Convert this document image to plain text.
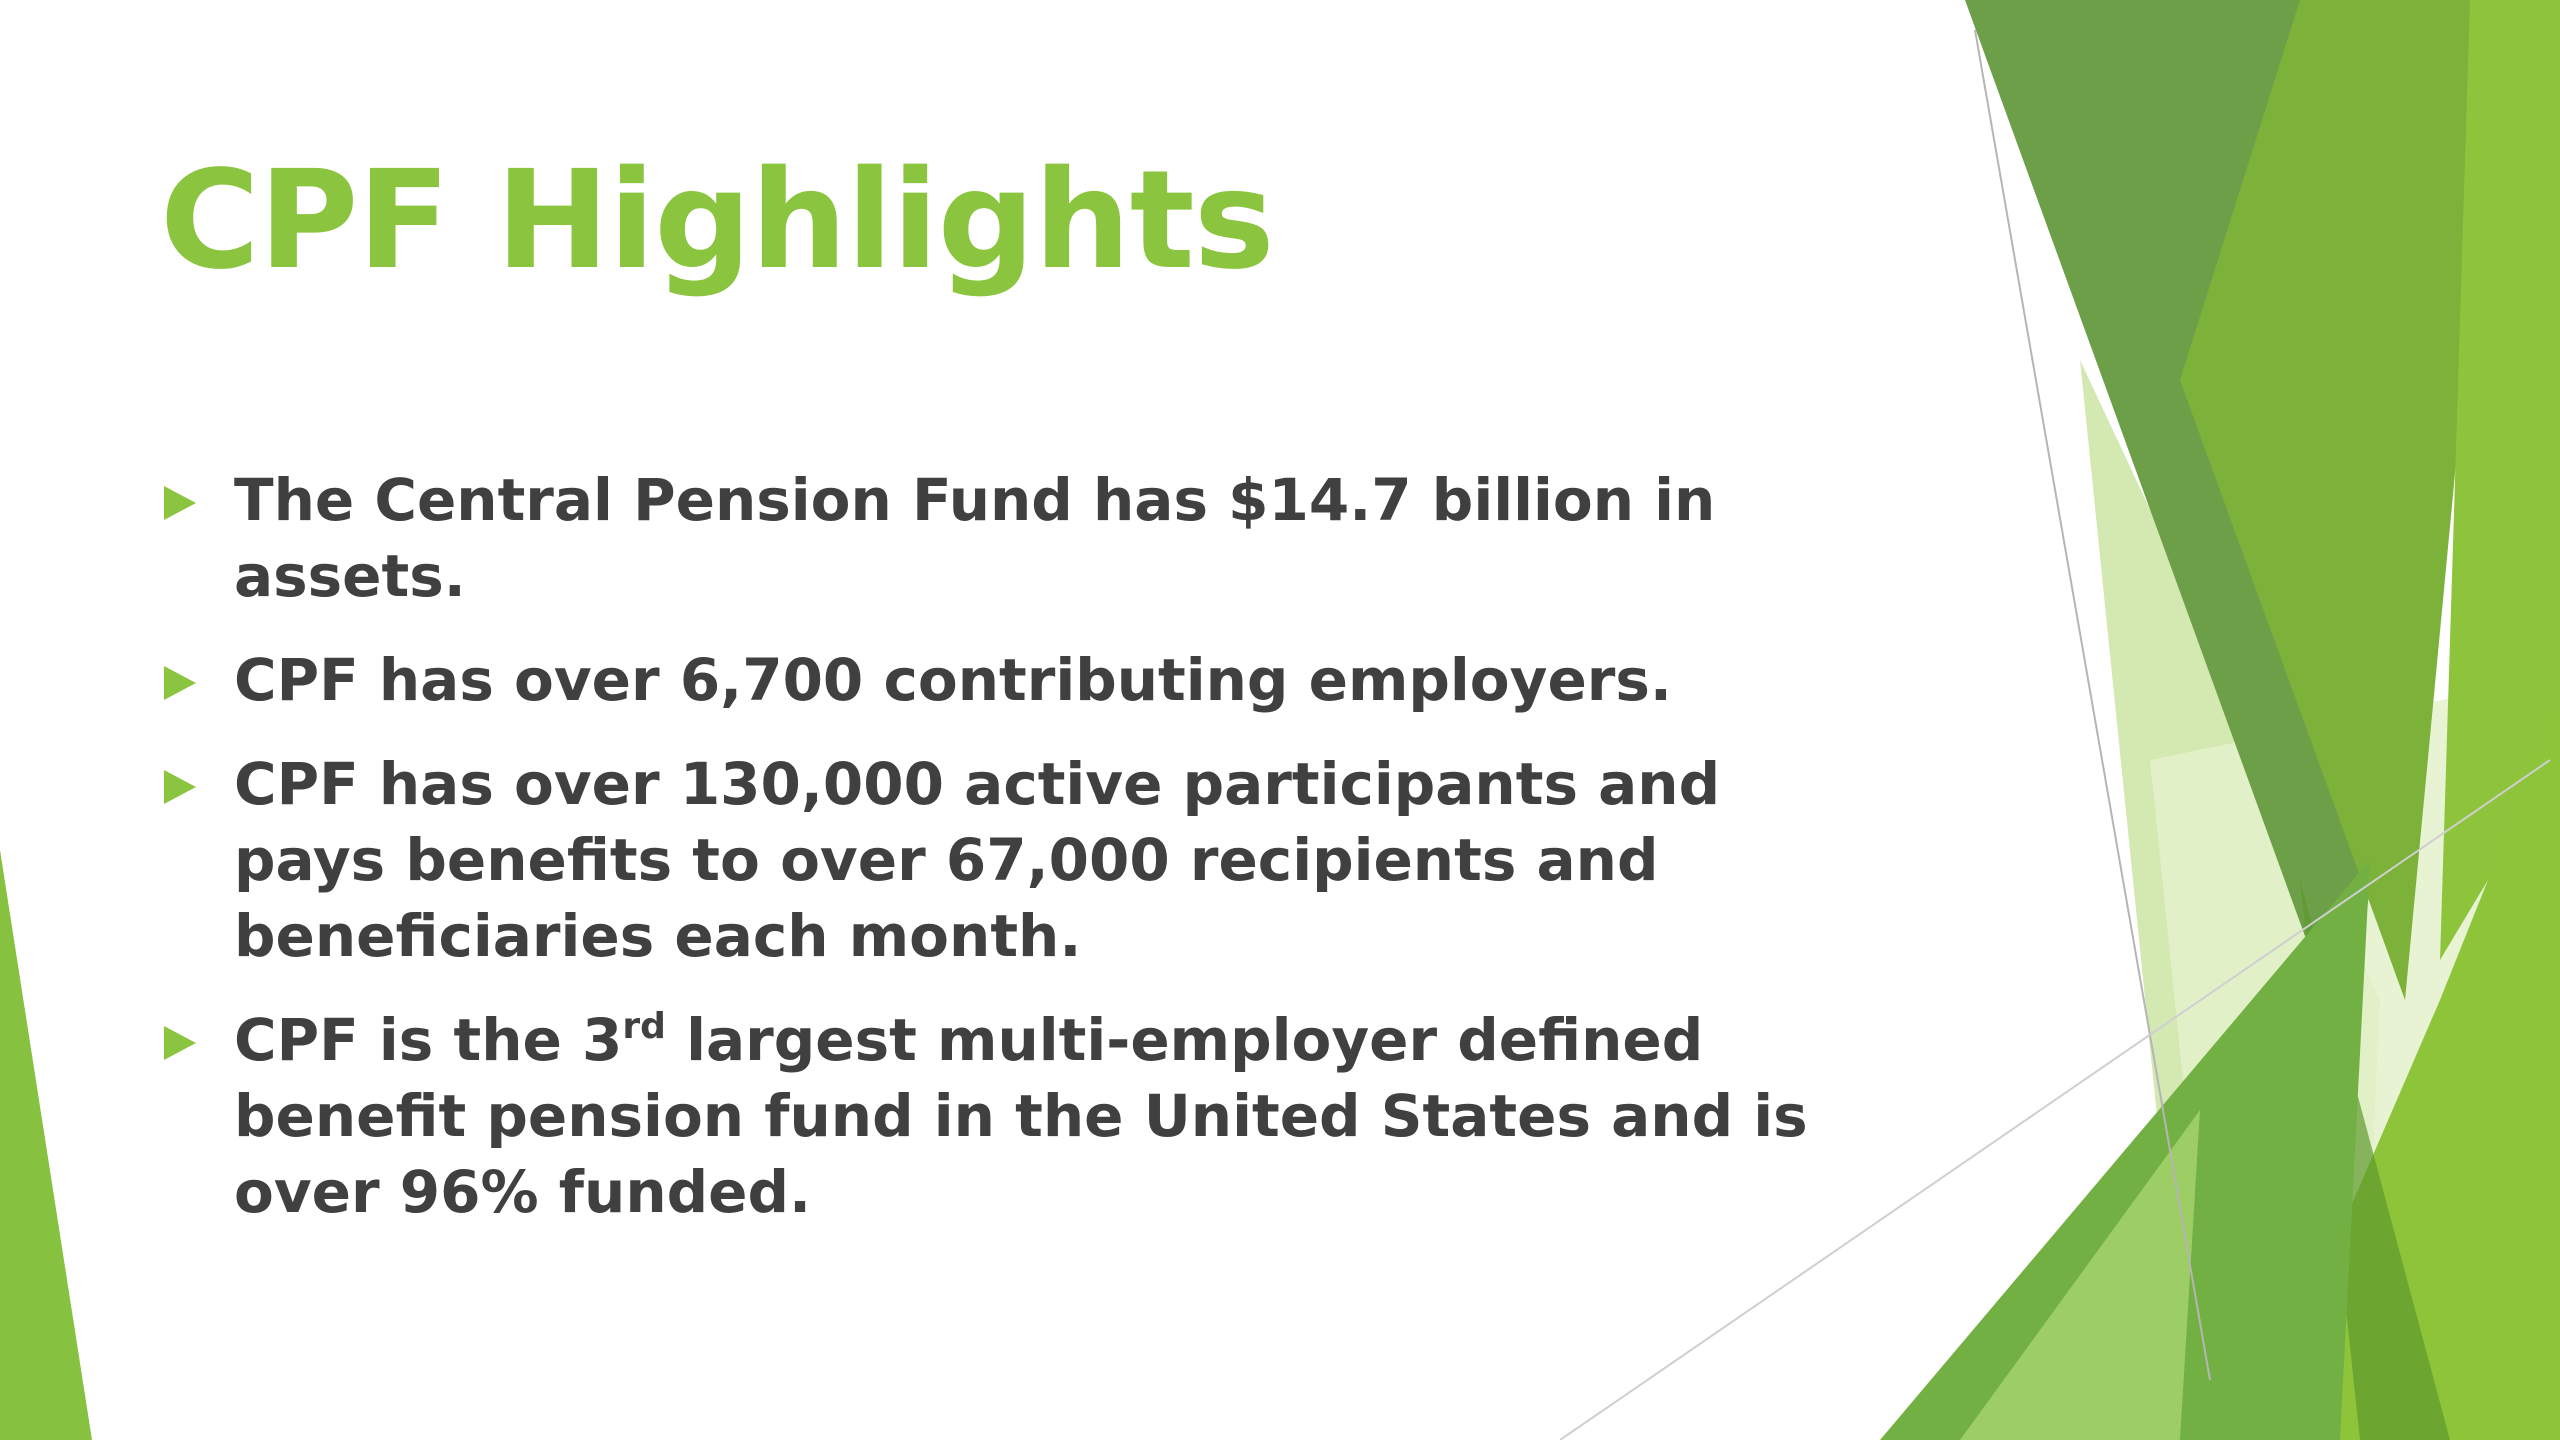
CPF Highlights
The Central Pension Fund has $14.7 billion in assets.
CPF has over 6,700 contributing employers.
CPF has over 130,000 active participants and pays benefits to over 67,000 recipients and beneficiaries each month.
CPF is the 3rd largest multi-employer defined benefit pension fund in the United States and is over 96% funded.
